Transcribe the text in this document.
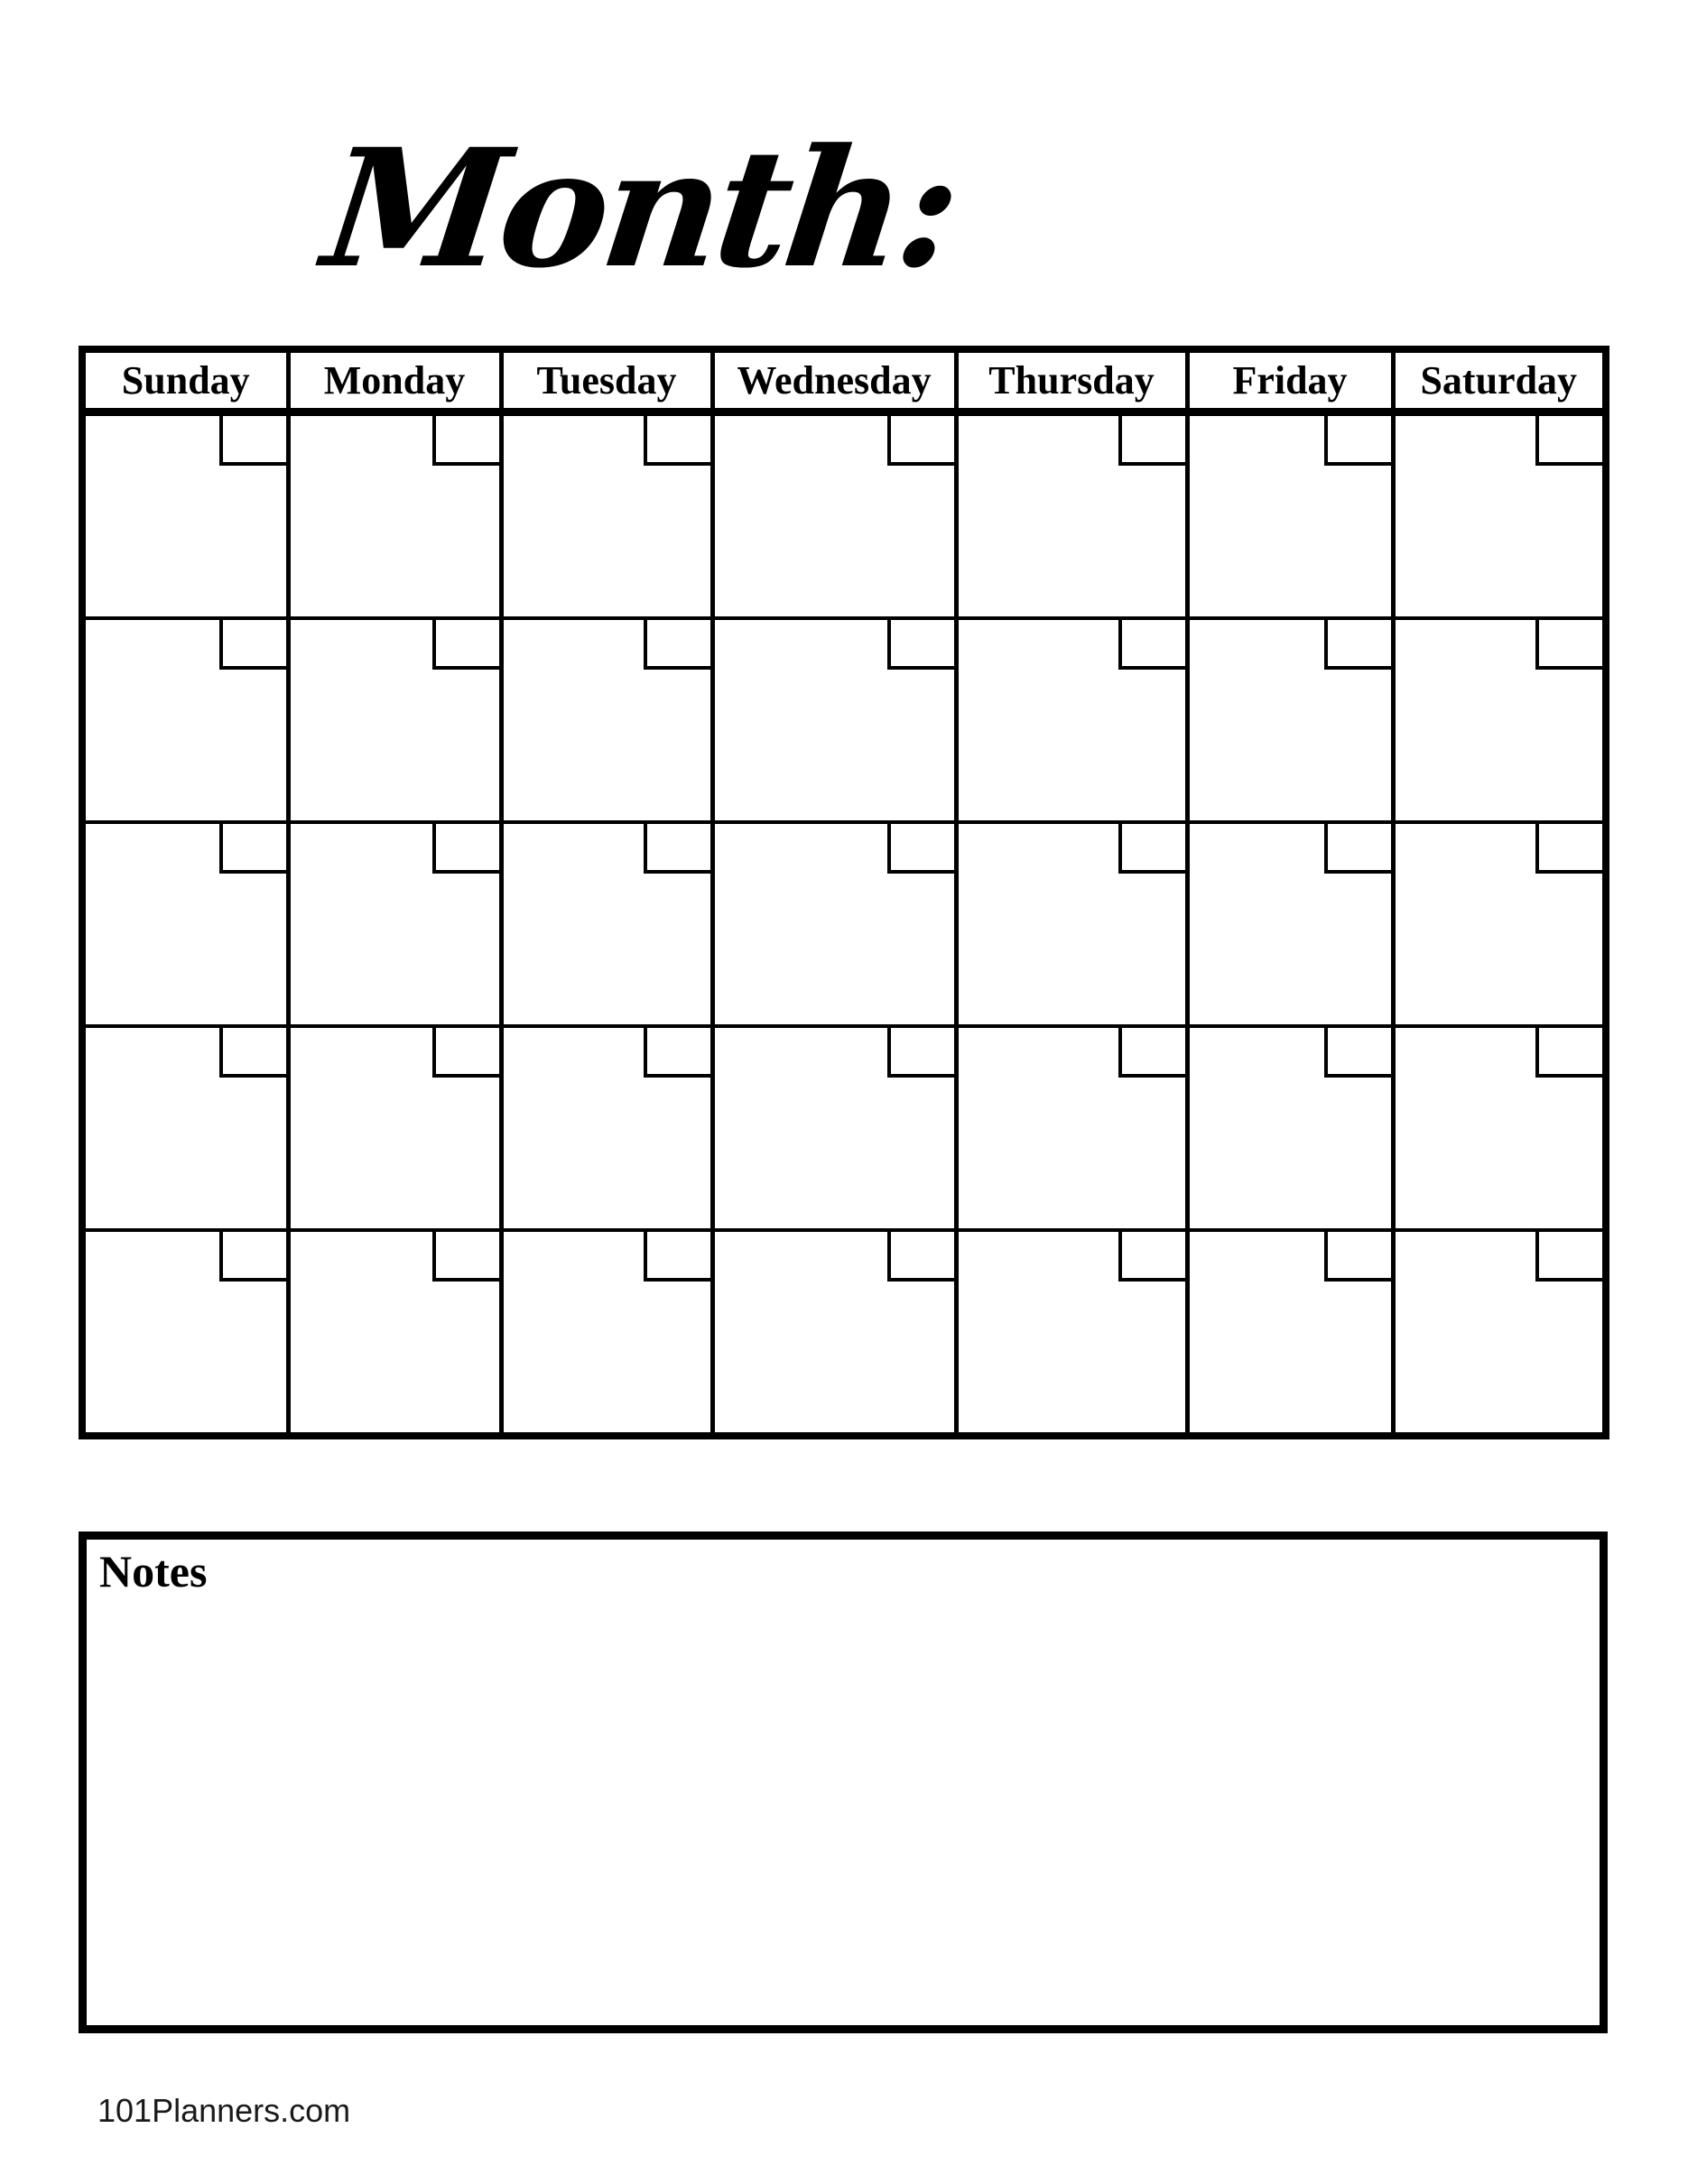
Month:
Sunday	Monday	Tuesday	Wednesday	Thursday	Friday	Saturday

Notes
101Planners.com
